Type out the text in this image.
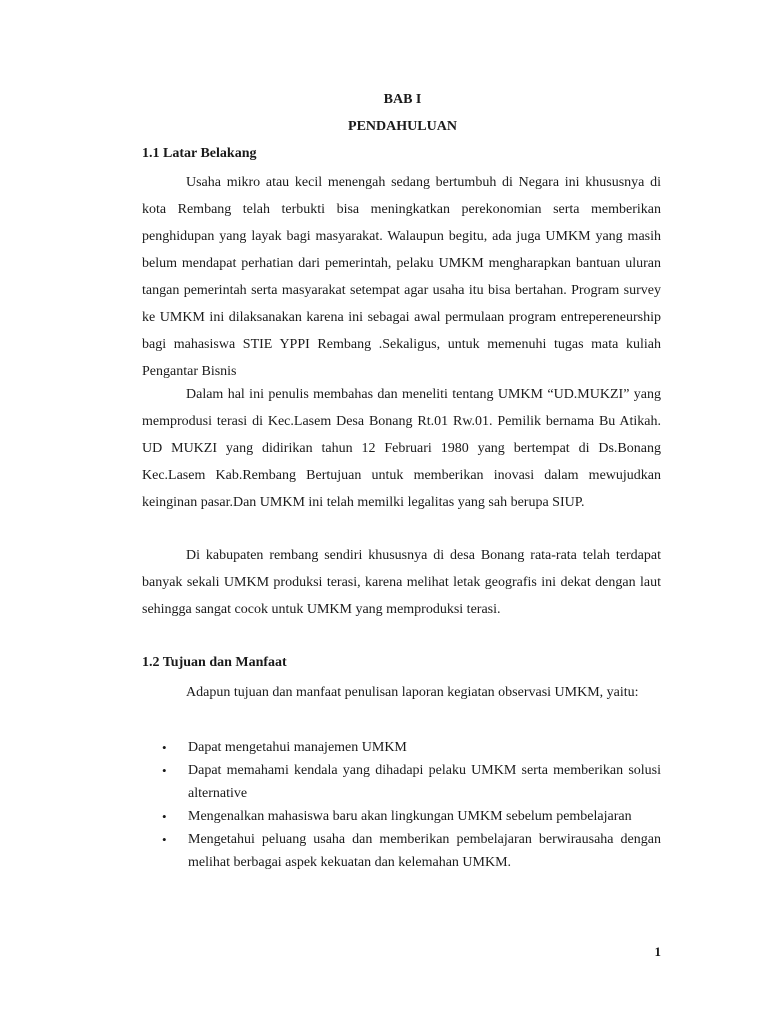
BAB I
PENDAHULUAN
1.1 Latar Belakang

Usaha mikro atau kecil menengah sedang bertumbuh di Negara ini khususnya di kota Rembang telah terbukti bisa meningkatkan perekonomian serta memberikan penghidupan yang layak bagi masyarakat. Walaupun begitu, ada juga UMKM yang masih belum mendapat perhatian dari pemerintah, pelaku UMKM mengharapkan bantuan uluran tangan pemerintah serta masyarakat setempat agar usaha itu bisa bertahan. Program survey ke UMKM ini dilaksanakan karena ini sebagai awal permulaan program entrepereneurship bagi mahasiswa STIE YPPI Rembang .Sekaligus, untuk memenuhi tugas mata kuliah Pengantar Bisnis

Dalam hal ini penulis membahas dan meneliti tentang UMKM “UD.MUKZI” yang memprodusi terasi di Kec.Lasem Desa Bonang Rt.01 Rw.01. Pemilik bernama Bu Atikah. UD MUKZI yang didirikan tahun 12 Februari 1980 yang bertempat di Ds.Bonang Kec.Lasem Kab.Rembang Bertujuan untuk memberikan inovasi dalam mewujudkan keinginan pasar.Dan UMKM ini telah memilki legalitas yang sah berupa SIUP.

Di kabupaten rembang sendiri khususnya di desa Bonang rata-rata telah terdapat banyak sekali UMKM produksi terasi, karena melihat letak geografis ini dekat dengan laut sehingga sangat cocok untuk UMKM yang memproduksi terasi.

1.2 Tujuan dan Manfaat

Adapun tujuan dan manfaat penulisan laporan kegiatan observasi UMKM, yaitu:

• Dapat mengetahui manajemen UMKM
• Dapat memahami kendala yang dihadapi pelaku UMKM serta memberikan solusi alternative
• Mengenalkan mahasiswa baru akan lingkungan UMKM sebelum pembelajaran
• Mengetahui peluang usaha dan memberikan pembelajaran berwirausaha dengan melihat berbagai aspek kekuatan dan kelemahan UMKM.
1
